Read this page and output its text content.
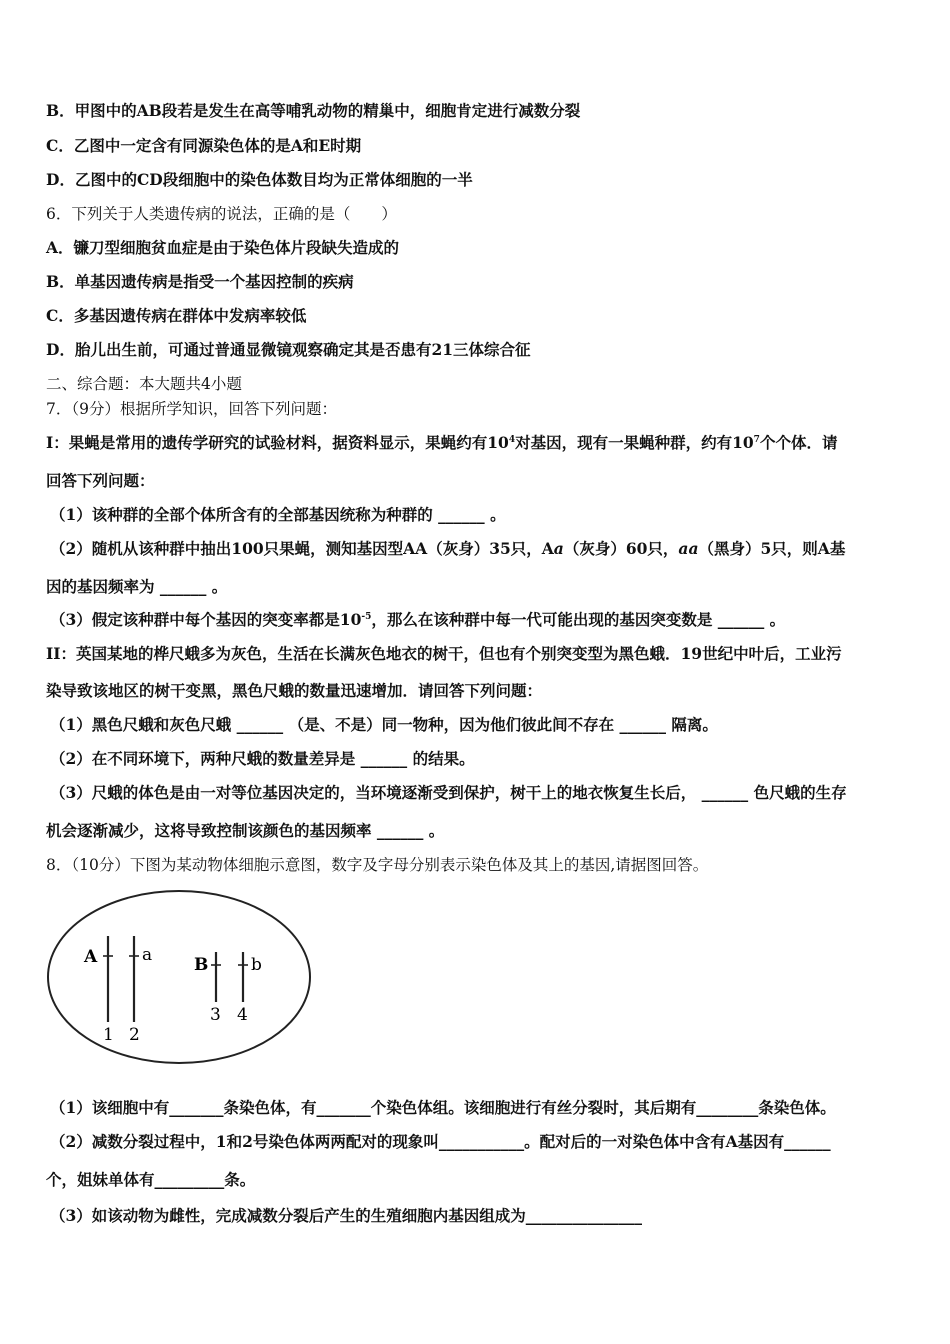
B．甲图中的AB段若是发生在高等哺乳动物的精巢中，细胞肯定进行减数分裂
C．乙图中一定含有同源染色体的是A和E时期
D．乙图中的CD段细胞中的染色体数目均为正常体细胞的一半
6．下列关于人类遗传病的说法，正确的是（　　）
A．镰刀型细胞贫血症是由于染色体片段缺失造成的
B．单基因遗传病是指受一个基因控制的疾病
C．多基因遗传病在群体中发病率较低
D．胎儿出生前，可通过普通显微镜观察确定其是否患有21三体综合征
二、综合题：本大题共4小题
7．（9分）根据所学知识，回答下列问题：
I：果蝇是常用的遗传学研究的试验材料，据资料显示，果蝇约有$10^4$对基因，现有一果蝇种群，约有$10^7$个个体．请
回答下列问题：
（1）该种群的全部个体所含有的全部基因统称为种群的 ______ 。
（2）随机从该种群中抽出100只果蝇，测知基因型AA（灰身）35只，Aa（灰身）60只，aa（黑身）5只，则A基
因的基因频率为 ______ 。
（3）假定该种群中每个基因的突变率都是$10^{-5}$，那么在该种群中每一代可能出现的基因突变数是 ______ 。
II：英国某地的桦尺蛾多为灰色，生活在长满灰色地衣的树干，但也有个别突变型为黑色蛾．19世纪中叶后，工业污
染导致该地区的树干变黑，黑色尺蛾的数量迅速增加．请回答下列问题：
（1）黑色尺蛾和灰色尺蛾 ______ （是、不是）同一物种，因为他们彼此间不存在 ______ 隔离。
（2）在不同环境下，两种尺蛾的数量差异是 ______ 的结果。
（3）尺蛾的体色是由一对等位基因决定的，当环境逐渐受到保护，树干上的地衣恢复生长后， ______ 色尺蛾的生存
机会逐渐减少，这将导致控制该颜色的基因频率 ______ 。
8．（10分）下图为某动物体细胞示意图，数字及字母分别表示染色体及其上的基因,请据图回答。
A	a B	b
1 2
3 4
（1）该细胞中有_______条染色体，有_______个染色体组。该细胞进行有丝分裂时，其后期有________条染色体。
（2）减数分裂过程中，1和2号染色体两两配对的现象叫___________。配对后的一对染色体中含有A基因有______
个，姐妹单体有_________条。
（3）如该动物为雌性，完成减数分裂后产生的生殖细胞内基因组成为_______________
